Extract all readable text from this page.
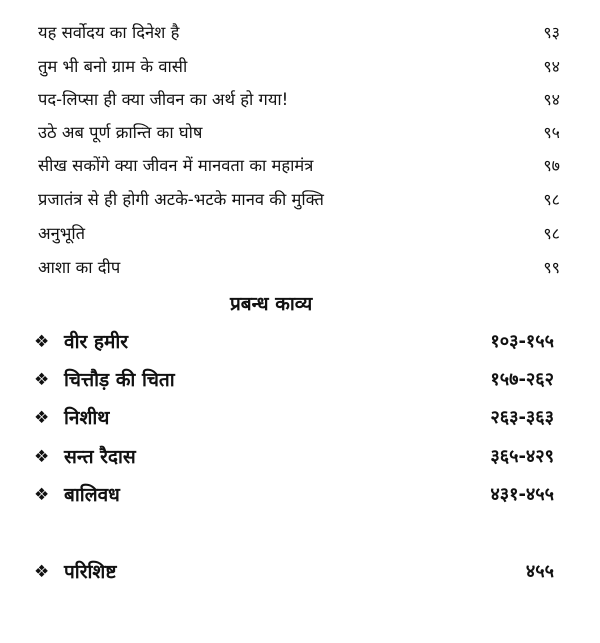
यह सर्वोदय का दिनेश है	९३
तुम भी बनो ग्राम के वासी	९४
पद-लिप्सा ही क्या जीवन का अर्थ हो गया!	९४
उठे अब पूर्ण क्रान्ति का घोष	९५
सीख सकोंगे क्या जीवन में मानवता का महामंत्र	९७
प्रजातंत्र से ही होगी अटके-भटके मानव की मुक्ति	९८
अनुभूति	९८
आशा का दीप	९९
प्रबन्ध काव्य
❖ वीर हमीर	१०३-१५५
❖ चित्तौड़ की चिता	१५७-२६२
❖ निशीथ	२६३-३६३
❖ सन्त रैदास	३६५-४२९
❖ बालिवध	४३१-४५५
❖ परिशिष्ट	४५५
